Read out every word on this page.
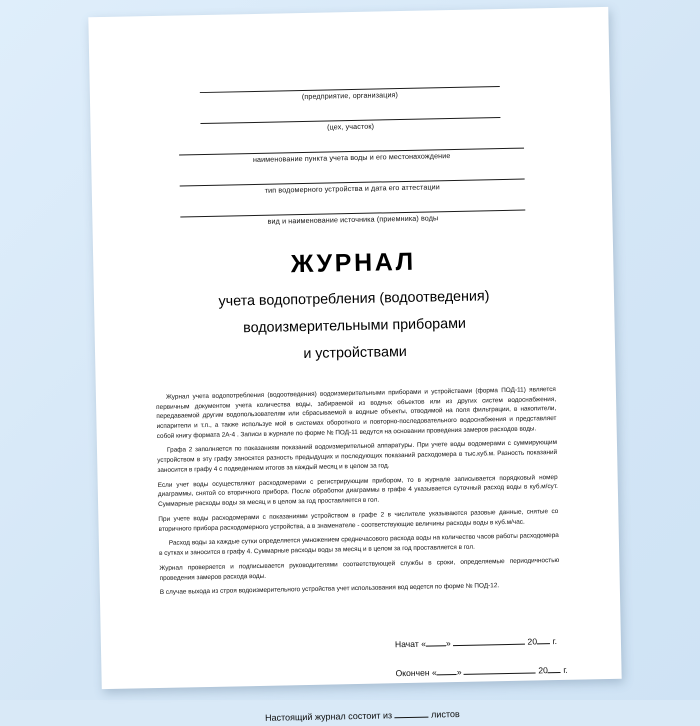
(предприятие, организация)
(цех, участок)
наименование пункта учета воды и его местонахождение
тип водомерного устройства и дата его аттестации
вид и наименование источника (приемника) воды
ЖУРНАЛ
учета водопотребления (водоотведения)
водоизмерительными приборами
и устройствами

Журнал учета водопотребления (водоотведения) водоизмерительными приборами и устройствами (форма ПОД-11) является первичным документом учета количества воды, забираемой из водных объектов или из других систем водоснабжения, передаваемой другим водопользователям или сбрасываемой в водные объекты, отводимой на поля фильтрации, в накопители, испарители и т.п., а также используе мой в системах оборотного и повторно-последовательного водоснабжения и представляет собой книгу формата 2А-4 . Записи в журнале по форме № ПОД-11 ведутся на основании проведения замеров расходов воды.

Графа 2 заполняется по показаниям показаний водоизмерительной аппаратуры. При учете воды водомерами с суммирующим устройством в эту графу заносятся разность предыдущих и последующих показаний расходомера в тыс.куб.м. Разность показаний заносится в графу 4 с подведением итогов за каждый месяц и в целом за год.

Если учет воды осуществляют расходомерами с регистрирующим прибором, то в журнале записывается порядковый номер диаграммы, снятой со вторичного прибора. После обработки диаграммы в графе 4 указывается суточный расход воды в куб.м/сут. Суммарные расходы воды за месяц и в целом за год проставляется в гол.

При учете воды расходомерами с показаниями устройством в графе 2 в числителе указываются разовые данные, снятые со вторичного прибора расходомерного устройства, а в знаменателе - соответствующие величины расходы воды в куб.м/час.

Расход воды за каждые сутки определяется умножением среднечасового расхода воды на количество часов работы расходомера в сутках и заносится в графу 4. Суммарные расходы воды за месяц и в целом за год проставляется в гол.

Журнал проверяется и подписывается руководителями соответствующей службы в сроки, определяемые периодичностью проведения замеров расхода воды.

В случае выхода из строя водоизмерительного устройства учет использования вод ведется по форме № ПОД-12.

Начат « »	20 г.
Окончен « »	20 г.
Настоящий журнал состоит из	листов
